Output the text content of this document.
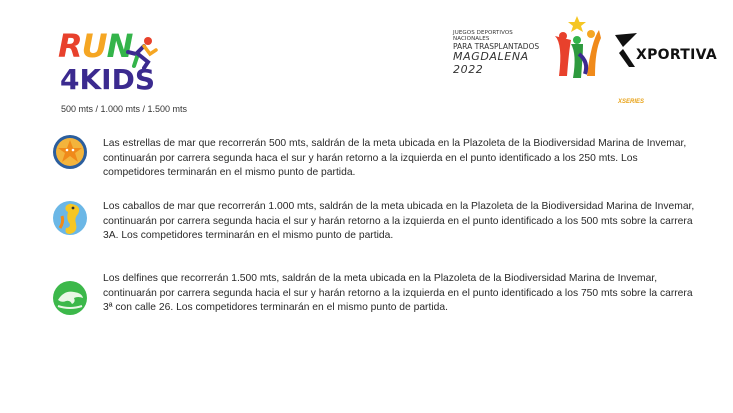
RUN
4KIDS
500 mts / 1.000 mts / 1.500 mts
JUEGOS DEPORTIVOS NACIONALES
PARA TRASPLANTADOS
MAGDALENA 2022
XPORTIVA
XSERIES
Las estrellas de mar que recorrerán 500 mts, saldrán de la meta ubicada en la Plazoleta de la Biodiversidad Marina de Invemar, continuarán por carrera segunda haca el sur y harán retorno a la izquierda en el punto identificado a los 250 mts. Los competidores terminarán en el mismo punto de partida.
Los caballos de mar que recorrerán 1.000 mts, saldrán de la meta ubicada en la Plazoleta de la Biodiversidad Marina de Invemar, continuarán por carrera segunda hacia el sur y harán retorno a la izquierda en el punto identificado a los 500 mts sobre la carrera 3A. Los competidores terminarán en el mismo punto de partida.
Los delfines que recorrerán 1.500 mts, saldrán de la meta ubicada en la Plazoleta de la Biodiversidad Marina de Invemar, continuarán por carrera segunda hacia el sur y harán retorno a la izquierda en el punto identificado a los 750 mts sobre la carrera 3ª con calle 26. Los competidores terminarán en el mismo punto de partida.
